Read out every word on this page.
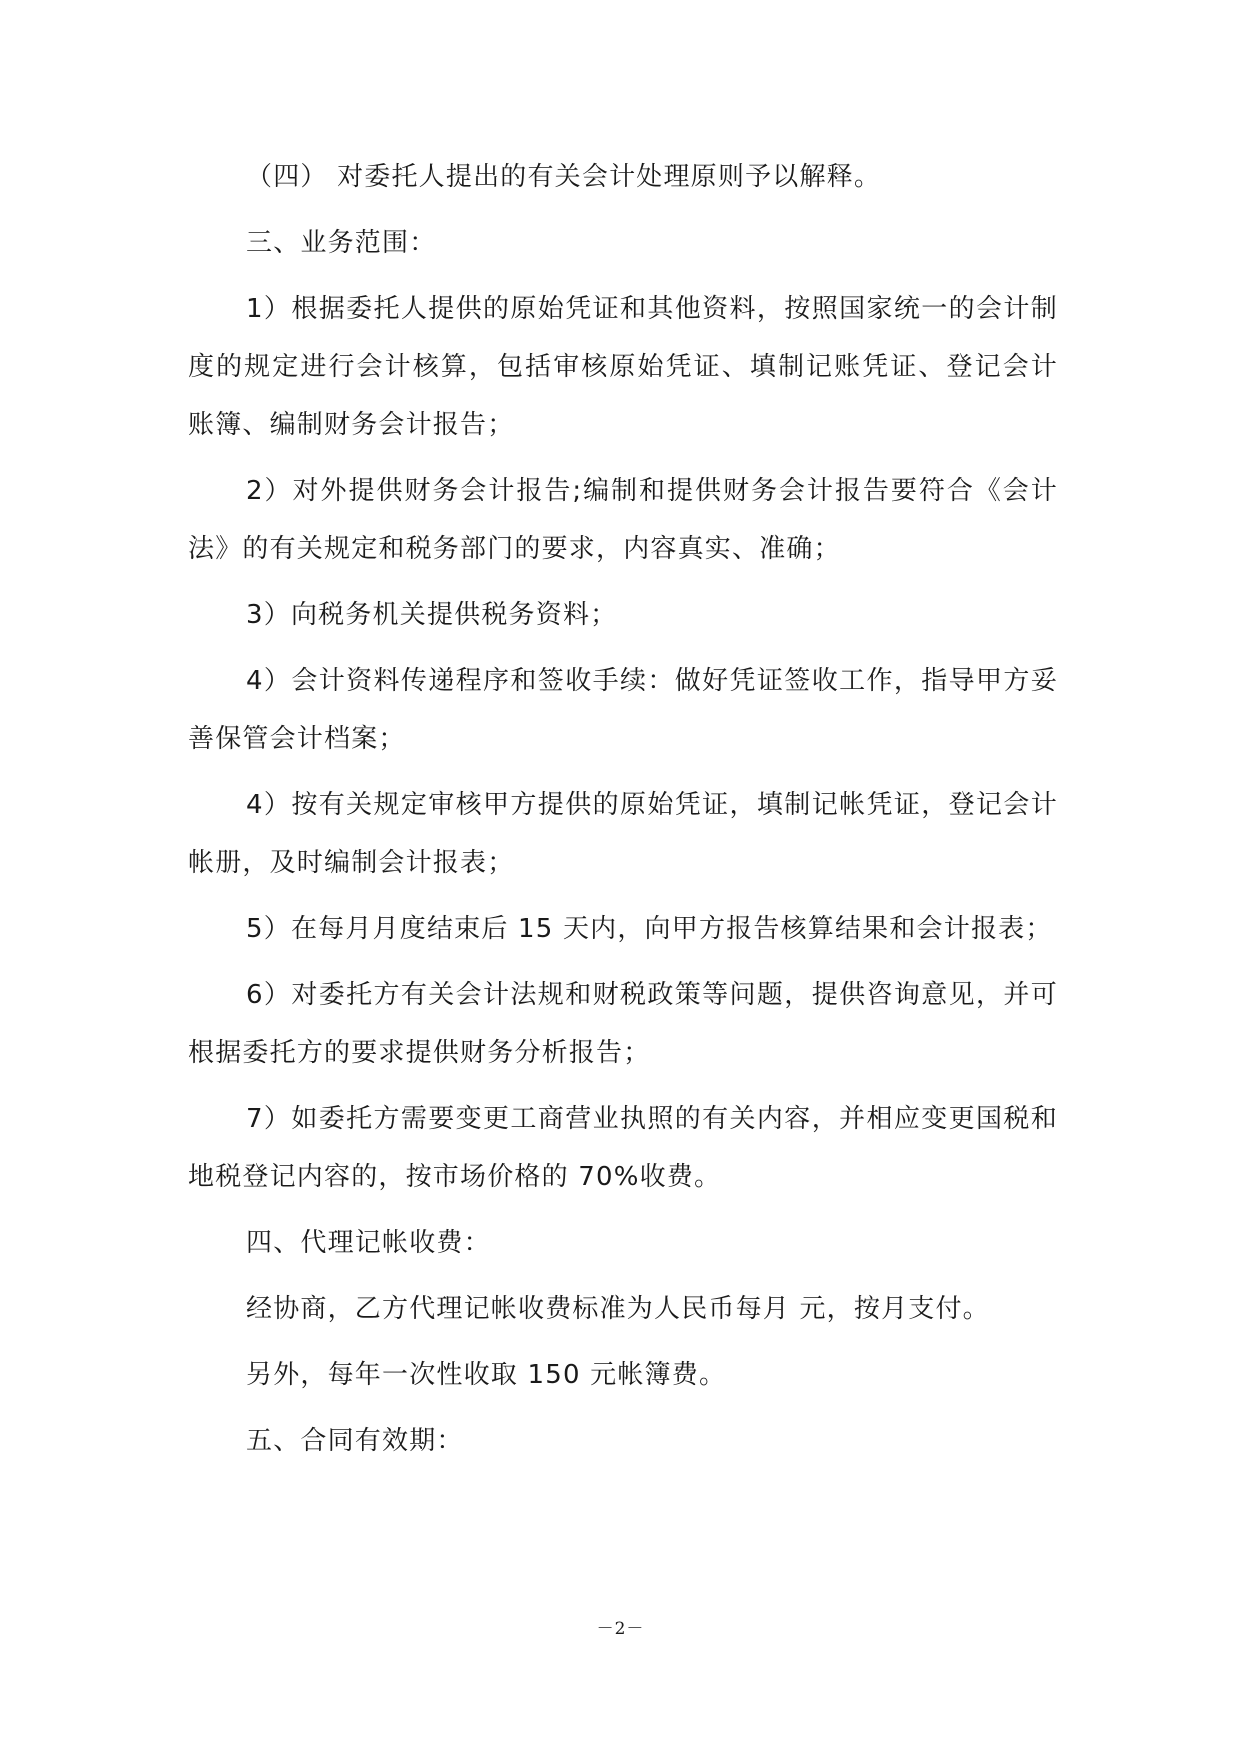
（四） 对委托人提出的有关会计处理原则予以解释。

三、业务范围：

1）根据委托人提供的原始凭证和其他资料，按照国家统一的会计制度的规定进行会计核算，包括审核原始凭证、填制记账凭证、登记会计账簿、编制财务会计报告；

2）对外提供财务会计报告;编制和提供财务会计报告要符合《会计法》的有关规定和税务部门的要求，内容真实、准确；

3）向税务机关提供税务资料；

4）会计资料传递程序和签收手续：做好凭证签收工作，指导甲方妥善保管会计档案；

4）按有关规定审核甲方提供的原始凭证，填制记帐凭证，登记会计帐册，及时编制会计报表；

5）在每月月度结束后 15 天内，向甲方报告核算结果和会计报表；

6）对委托方有关会计法规和财税政策等问题，提供咨询意见，并可根据委托方的要求提供财务分析报告；

7）如委托方需要变更工商营业执照的有关内容，并相应变更国税和地税登记内容的，按市场价格的 70%收费。

四、代理记帐收费：

经协商，乙方代理记帐收费标准为人民币每月 元，按月支付。

另外，每年一次性收取 150 元帐簿费。

五、合同有效期：

－2－
